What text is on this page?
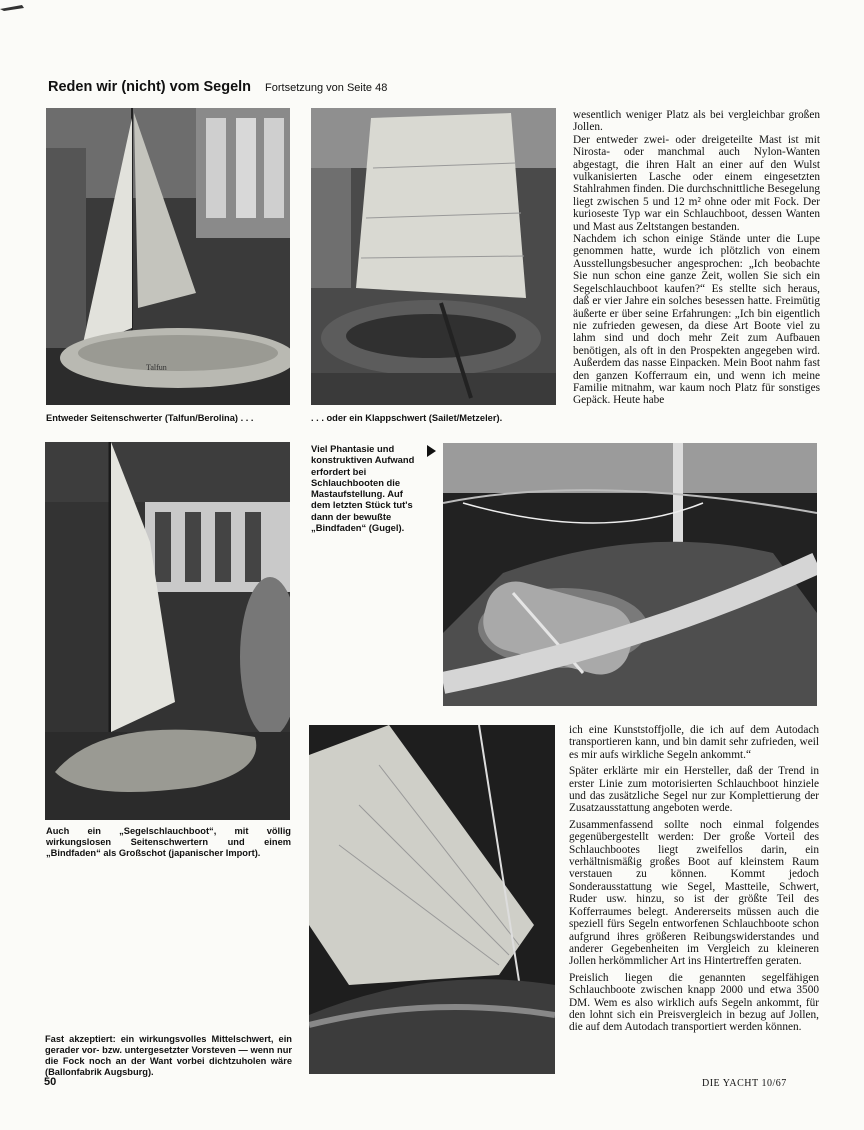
Reden wir (nicht) vom Segeln Fortsetzung von Seite 48
Talfun
Entweder Seitenschwerter (Talfun/Berolina) . . .	. . . oder ein Klappschwert (Sailet/Metzeler).

wesentlich weniger Platz als bei vergleichbar großen Jollen.

Der entweder zwei- oder dreigeteilte Mast ist mit Nirosta- oder manchmal auch Nylon-Wanten abgestagt, die ihren Halt an einer auf den Wulst vulkanisierten Lasche oder einem eingesetzten Stahlrahmen finden. Die durchschnittliche Besegelung liegt zwischen 5 und 12 m² ohne oder mit Fock. Der kurioseste Typ war ein Schlauchboot, dessen Wanten und Mast aus Zeltstangen bestanden.

Nachdem ich schon einige Stände unter die Lupe genommen hatte, wurde ich plötzlich von einem Ausstellungsbesucher angesprochen: „Ich beobachte Sie nun schon eine ganze Zeit, wollen Sie sich ein Segelschlauchboot kaufen?“ Es stellte sich heraus, daß er vier Jahre ein solches besessen hatte. Freimütig äußerte er über seine Erfahrungen: „Ich bin eigentlich nie zufrieden gewesen, da diese Art Boote viel zu lahm sind und doch mehr Zeit zum Aufbauen benötigen, als oft in den Prospekten angegeben wird. Außerdem das nasse Einpacken. Mein Boot nahm fast den ganzen Kofferraum ein, und wenn ich meine Familie mitnahm, war kaum noch Platz für sonstiges Gepäck. Heute habe

Viel Phantasie und konstruktiven Aufwand erfordert bei Schlauchbooten die Mastaufstellung. Auf dem letzten Stück tut's dann der bewußte „Bindfaden“ (Gugel).
Auch ein „Segelschlauchboot“, mit völlig wirkungslosen Seitenschwertern und einem „Bindfaden“ als Großschot (japanischer Import).
Fast akzeptiert: ein wirkungsvolles Mittelschwert, ein gerader vor- bzw. untergesetzter Vorsteven — wenn nur die Fock noch an der Want vorbei dichtzuholen wäre (Ballonfabrik Augsburg).

ich eine Kunststoffjolle, die ich auf dem Autodach transportieren kann, und bin damit sehr zufrieden, weil es mir aufs wirkliche Segeln ankommt.“

Später erklärte mir ein Hersteller, daß der Trend in erster Linie zum motorisierten Schlauchboot hinziele und das zusätzliche Segel nur zur Komplettierung der Zusatzausstattung angeboten werde.

Zusammenfassend sollte noch einmal folgendes gegenübergestellt werden: Der große Vorteil des Schlauchbootes liegt zweifellos darin, ein verhältnismäßig großes Boot auf kleinstem Raum verstauen zu können. Kommt jedoch Sonderausstattung wie Segel, Mastteile, Schwert, Ruder usw. hinzu, so ist der größte Teil des Kofferraumes belegt. Andererseits müssen auch die speziell fürs Segeln entworfenen Schlauchboote schon aufgrund ihres größeren Reibungswiderstandes und anderer Gegebenheiten im Vergleich zu kleineren Jollen herkömmlicher Art ins Hintertreffen geraten.

Preislich liegen die genannten segelfähigen Schlauchboote zwischen knapp 2000 und etwa 3500 DM. Wem es also wirklich aufs Segeln ankommt, für den lohnt sich ein Preisvergleich in bezug auf Jollen, die auf dem Autodach transportiert werden können.

50	DIE YACHT 10/67
